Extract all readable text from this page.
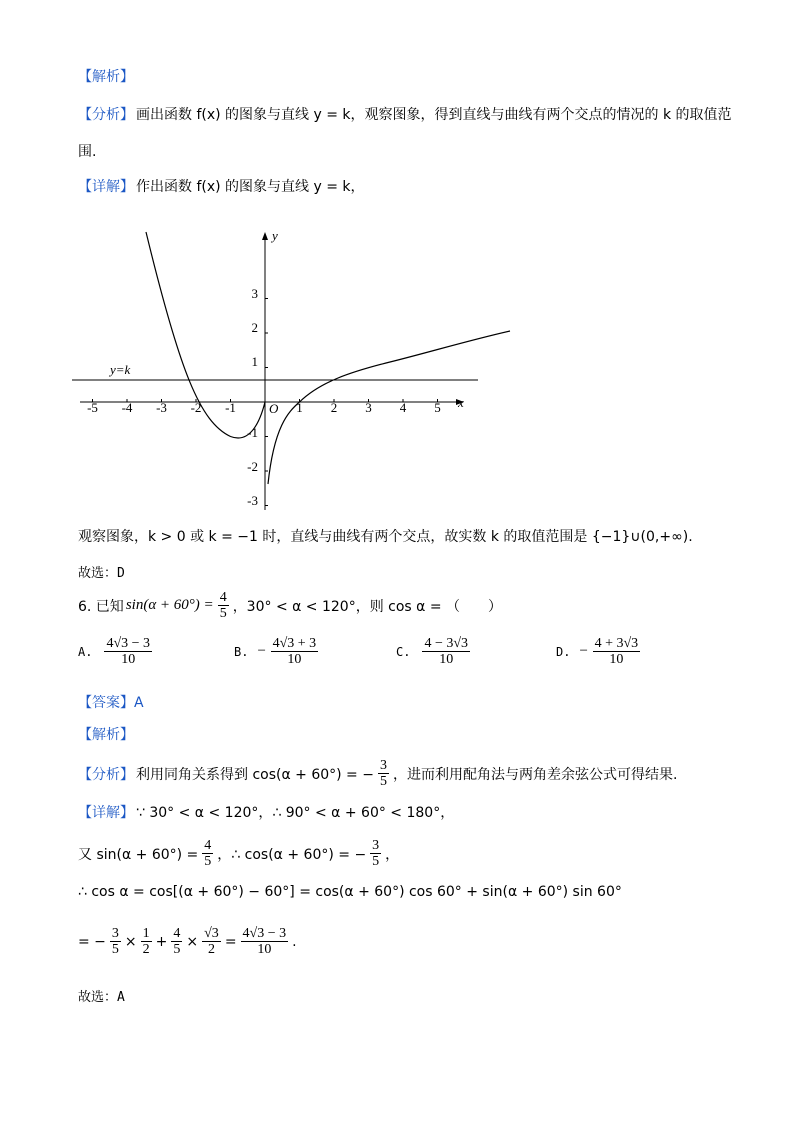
【解析】
【分析】 画出函数 f(x) 的图象与直线 y = k，观察图象，得到直线与曲线有两个交点的情况的 k 的取值范
围.
【详解】 作出函数 f(x) 的图象与直线 y = k，
-5 -4 -3 -2 -1	1 2 3 4 5
3
2
1
-1
-2
-3
x
y
O
y=k
观察图象，k > 0 或 k = −1 时，直线与曲线有两个交点，故实数 k 的取值范围是 {−1}∪(0,+∞).
故选：D
6. 已知 $\sin(\alpha + 60^\circ) = \frac{4}{5}$ ，30° < α < 120°，则 cos α = （　　）
A. $\frac{4√3 - 3}{10}$	B. − $\frac{4√3 + 3}{10}$	C. $\frac{4 - 3√3}{10}$	D. − $\frac{4 + 3√3}{10}$
【答案】A
【解析】
【分析】 利用同角关系得到 cos(α + 60°) = − $\frac{3}{5}$ ，进而利用配角法与两角差余弦公式可得结果.
【详解】 ∵ 30° < α < 120°，∴ 90° < α + 60° < 180°，
又 $\sin(\alpha + 60^\circ) = \frac{4}{5}$ ，∴ cos(α + 60°) = − $\frac{3}{5}$ ，
∴ cos α = cos[(α + 60°) − 60°] = cos(α + 60°) cos 60° + sin(α + 60°) sin 60°
= − $\frac{3}{5} \times \frac{1}{2} + \frac{4}{5} \times \frac{√3}{2} = \frac{4√3 - 3}{10}$ .
故选：A
